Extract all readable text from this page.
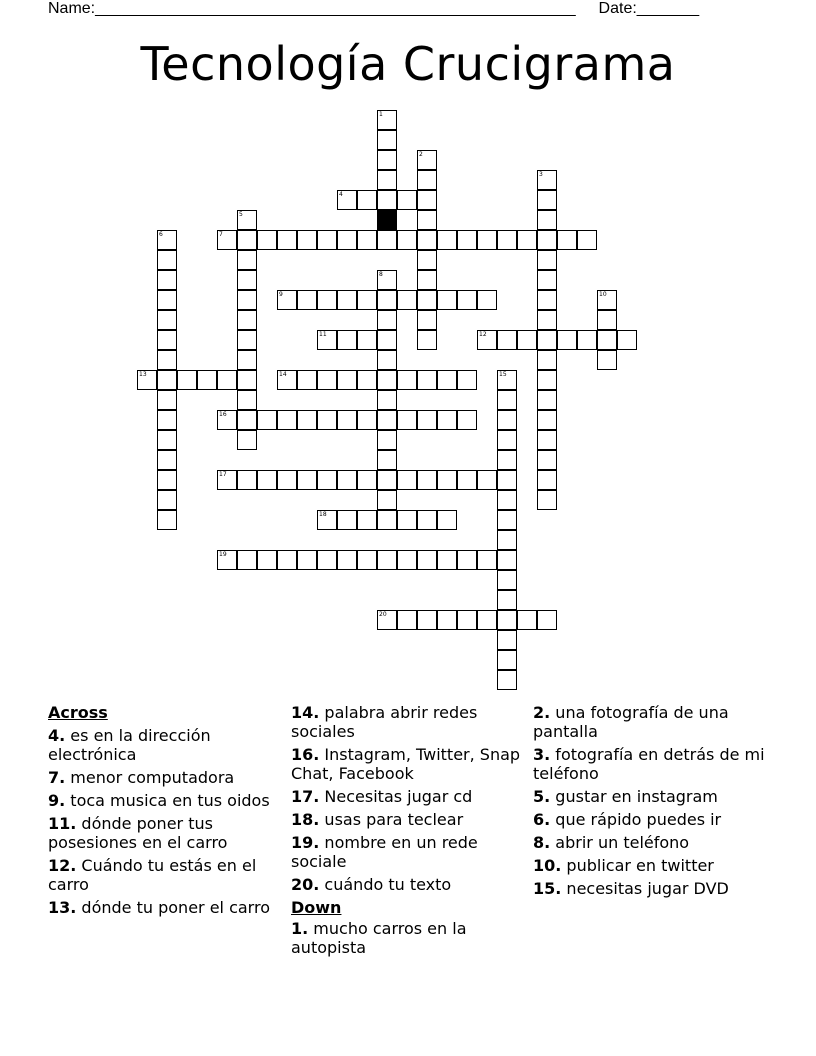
Name:______________________________________________________ Date:_______
Tecnología Crucigrama
1
2
3
4
5
6	7
8
9	10
11	12
13	14	15
16
17
18
19
20
Across
4. es en la dirección electrónica
7. menor computadora
9. toca musica en tus oidos
11. dónde poner tus posesiones en el carro
12. Cuándo tu estás en el carro
13. dónde tu poner el carro
14. palabra abrir redes sociales
16. Instagram, Twitter, Snap Chat, Facebook
17. Necesitas jugar cd
18. usas para teclear
19. nombre en un rede sociale
20. cuándo tu texto
Down
1. mucho carros en la autopista
2. una fotografía de una pantalla
3. fotografía en detrás de mi teléfono
5. gustar en instagram
6. que rápido puedes ir
8. abrir un teléfono
10. publicar en twitter
15. necesitas jugar DVD
